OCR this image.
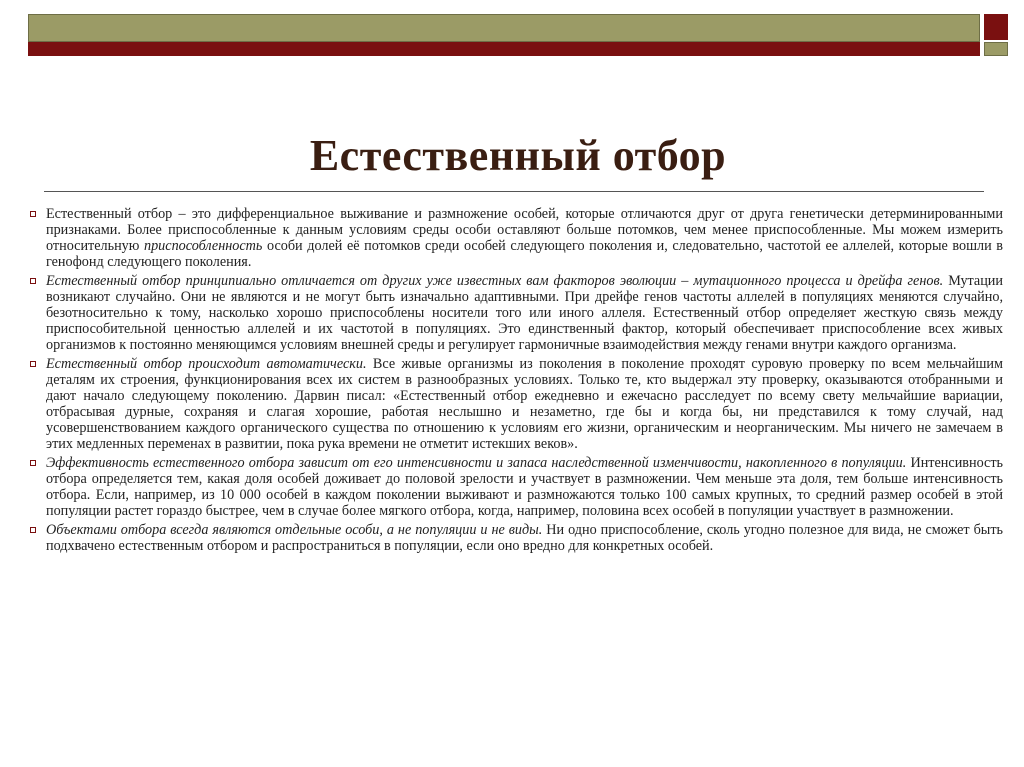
Естественный отбор
Естественный отбор – это дифференциальное выживание и размножение особей, которые отличаются друг от друга генетически детерминированными признаками. Более приспособленные к данным условиям среды особи оставляют больше потомков, чем менее приспособленные. Мы можем измерить относительную приспособленность особи долей её потомков среди особей следующего поколения и, следовательно, частотой ее аллелей, которые вошли в генофонд следующего поколения.
Естественный отбор принципиально отличается от других уже известных вам факторов эволюции – мутационного процесса и дрейфа генов. Мутации возникают случайно. Они не являются и не могут быть изначально адаптивными. При дрейфе генов частоты аллелей в популяциях меняются случайно, безотносительно к тому, насколько хорошо приспособлены носители того или иного аллеля. Естественный отбор определяет жесткую связь между приспособительной ценностью аллелей и их частотой в популяциях. Это единственный фактор, который обеспечивает приспособление всех живых организмов к постоянно меняющимся условиям внешней среды и регулирует гармоничные взаимодействия между генами внутри каждого организма.
Естественный отбор происходит автоматически. Все живые организмы из поколения в поколение проходят суровую проверку по всем мельчайшим деталям их строения, функционирования всех их систем в разнообразных условиях. Только те, кто выдержал эту проверку, оказываются отобранными и дают начало следующему поколению. Дарвин писал: «Естественный отбор ежедневно и ежечасно расследует по всему свету мельчайшие вариации, отбрасывая дурные, сохраняя и слагая хорошие, работая неслышно и незаметно, где бы и когда бы, ни представился к тому случай, над усовершенствованием каждого органического существа по отношению к условиям его жизни, органическим и неорганическим. Мы ничего не замечаем в этих медленных переменах в развитии, пока рука времени не отметит истекших веков».
Эффективность естественного отбора зависит от его интенсивности и запаса наследственной изменчивости, накопленного в популяции. Интенсивность отбора определяется тем, какая доля особей доживает до половой зрелости и участвует в размножении. Чем меньше эта доля, тем больше интенсивность отбора. Если, например, из 10 000 особей в каждом поколении выживают и размножаются только 100 самых крупных, то средний размер особей в этой популяции растет гораздо быстрее, чем в случае более мягкого отбора, когда, например, половина всех особей в популяции участвует в размножении.
Объектами отбора всегда являются отдельные особи, а не популяции и не виды. Ни одно приспособление, сколь угодно полезное для вида, не сможет быть подхвачено естественным отбором и распространиться в популяции, если оно вредно для конкретных особей.
